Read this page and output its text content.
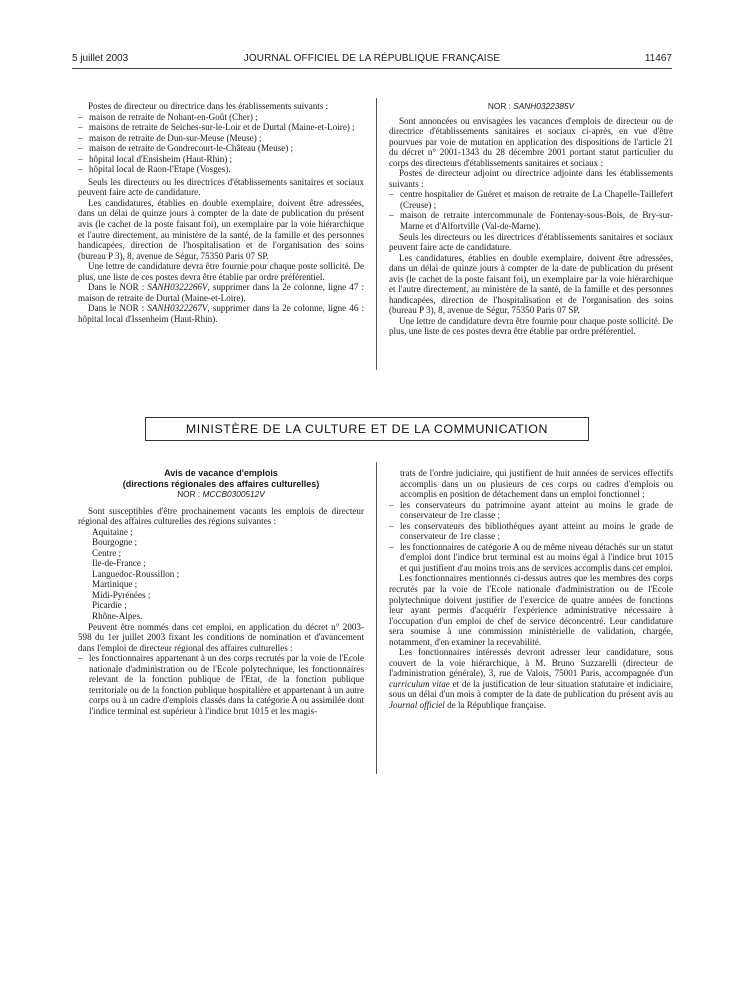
5 juillet 2003	JOURNAL OFFICIEL DE LA RÉPUBLIQUE FRANÇAISE	11467

Postes de directeur ou directrice dans les établissements suivants :

– maison de retraite de Nohant-en-Goût (Cher) ;
– maisons de retraite de Seiches-sur-le-Loir et de Durtal (Maine-et-Loire) ;
– maison de retraite de Dun-sur-Meuse (Meuse) ;
– maison de retraite de Gondrecourt-le-Château (Meuse) ;
– hôpital local d'Ensisheim (Haut-Rhin) ;
– hôpital local de Raon-l'Etape (Vosges).

Seuls les directeurs ou les directrices d'établissements sanitaires et sociaux peuvent faire acte de candidature.

Les candidatures, établies en double exemplaire, doivent être adressées, dans un délai de quinze jours à compter de la date de publication du présent avis (le cachet de la poste faisant foi), un exemplaire par la voie hiérarchique et l'autre directement, au ministère de la santé, de la famille et des personnes handicapées, direction de l'hospitalisation et de l'organisation des soins (bureau P 3), 8, avenue de Ségur, 75350 Paris 07 SP.

Une lettre de candidature devra être fournie pour chaque poste sollicité. De plus, une liste de ces postes devra être établie par ordre préférentiel.

Dans le NOR : SANH0322266V, supprimer dans la 2e colonne, ligne 47 : maison de retraite de Durtal (Maine-et-Loire).

Dans le NOR : SANH0322267V, supprimer dans la 2e colonne, ligne 46 : hôpital local d'Issenheim (Haut-Rhin).

NOR : SANH0322385V

Sont annoncées ou envisagées les vacances d'emplois de directeur ou de directrice d'établissements sanitaires et sociaux ci-après, en vue d'être pourvues par voie de mutation en application des dispositions de l'article 21 du décret n° 2001-1343 du 28 décembre 2001 portant statut particulier du corps des directeurs d'établissements sanitaires et sociaux :

Postes de directeur adjoint ou directrice adjointe dans les établissements suivants :

– centre hospitalier de Guéret et maison de retraite de La Chapelle-Taillefert (Creuse) ;
– maison de retraite intercommunale de Fontenay-sous-Bois, de Bry-sur-Marne et d'Alfortville (Val-de-Marne).

Seuls les directeurs ou les directrices d'établissements sanitaires et sociaux peuvent faire acte de candidature.

Les candidatures, établies en double exemplaire, doivent être adressées, dans un délai de quinze jours à compter de la date de publication du présent avis (le cachet de la poste faisant foi), un exemplaire par la voie hiérarchique et l'autre directement, au ministère de la santé, de la famille et des personnes handicapées, direction de l'hospitalisation et de l'organisation des soins (bureau P 3), 8, avenue de Ségur, 75350 Paris 07 SP.

Une lettre de candidature devra être fournie pour chaque poste sollicité. De plus, une liste de ces postes devra être établie par ordre préférentiel.

MINISTÈRE DE LA CULTURE ET DE LA COMMUNICATION
Avis de vacance d'emplois
(directions régionales des affaires culturelles)
NOR : MCCB0300512V

Sont susceptibles d'être prochainement vacants les emplois de directeur régional des affaires culturelles des régions suivantes :

Aquitaine ;
Bourgogne ;
Centre ;
Ile-de-France ;
Languedoc-Roussillon ;
Martinique ;
Midi-Pyrénées ;
Picardie ;
Rhône-Alpes.

Peuvent être nommés dans cet emploi, en application du décret n° 2003-598 du 1er juillet 2003 fixant les conditions de nomination et d'avancement dans l'emploi de directeur régional des affaires culturelles :

– les fonctionnaires appartenant à un des corps recrutés par la voie de l'Ecole nationale d'administration ou de l'Ecole polytechnique, les fonctionnaires relevant de la fonction publique de l'Etat, de la fonction publique territoriale ou de la fonction publique hospitalière et appartenant à un autre corps ou à un cadre d'emplois classés dans la catégorie A ou assimilée dont l'indice terminal est supérieur à l'indice brut 1015 et les magis-

trats de l'ordre judiciaire, qui justifient de huit années de services effectifs accomplis dans un ou plusieurs de ces corps ou cadres d'emplois ou accomplis en position de détachement dans un emploi fonctionnel ;

– les conservateurs du patrimoine ayant atteint au moins le grade de conservateur de 1re classe ;
– les conservateurs des bibliothèques ayant atteint au moins le grade de conservateur de 1re classe ;
– les fonctionnaires de catégorie A ou de même niveau détachés sur un statut d'emploi dont l'indice brut terminal est au moins égal à l'indice brut 1015 et qui justifient d'au moins trois ans de services accomplis dans cet emploi.

Les fonctionnaires mentionnés ci-dessus autres que les membres des corps recrutés par la voie de l'Ecole nationale d'administration ou de l'Ecole polytechnique doivent justifier de l'exercice de quatre années de fonctions leur ayant permis d'acquérir l'expérience administrative nécessaire à l'occupation d'un emploi de chef de service déconcentré. Leur candidature sera soumise à une commission ministérielle de validation, chargée, notamment, d'en examiner la recevabilité.

Les fonctionnaires intéressés devront adresser leur candidature, sous couvert de la voie hiérarchique, à M. Bruno Suzzarelli (directeur de l'administration générale), 3, rue de Valois, 75001 Paris, accompagnée d'un curriculum vitae et de la justification de leur situation statutaire et indiciaire, sous un délai d'un mois à compter de la date de publication du présent avis au Journal officiel de la République française.
